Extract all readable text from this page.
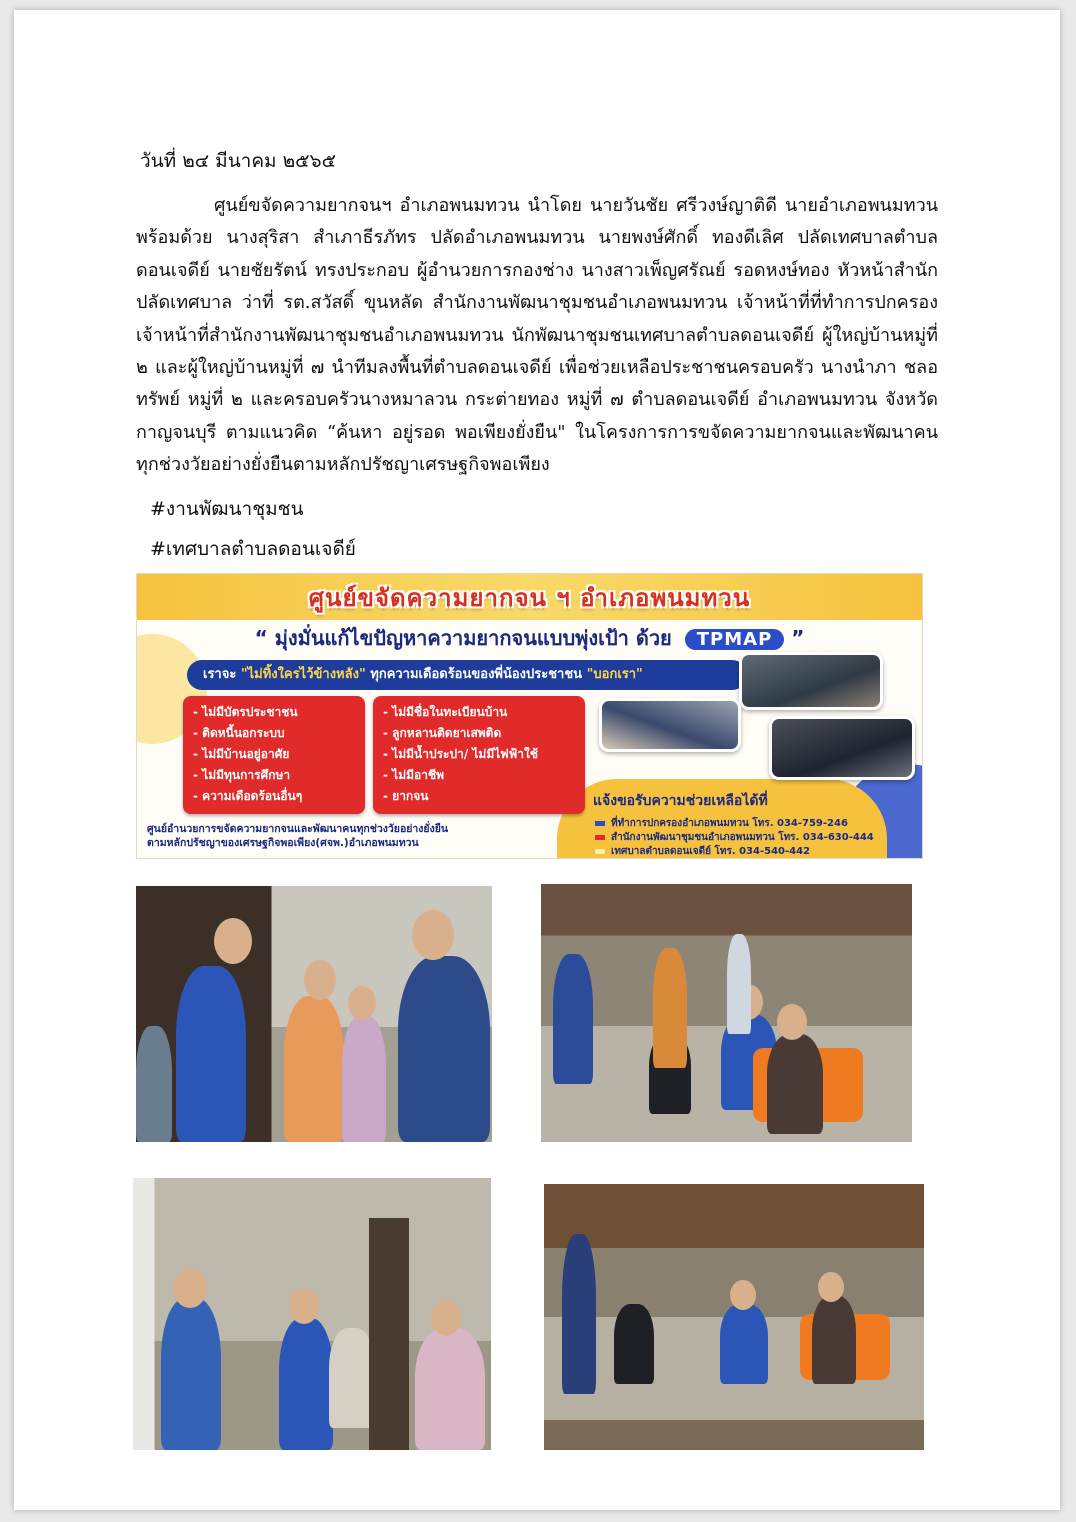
วันที่ ๒๔ มีนาคม ๒๕๖๕
ศูนย์ขจัดความยากจนฯ อำเภอพนมทวน นำโดย นายวันชัย ศรีวงษ์ญาติดี นายอำเภอพนมทวน พร้อมด้วย นางสุริสา สำเภาธีรภัทร ปลัดอำเภอพนมทวน นายพงษ์ศักดิ์ ทองดีเลิศ ปลัดเทศบาลตำบลดอนเจดีย์ นายชัยรัตน์ ทรงประกอบ ผู้อำนวยการกองช่าง นางสาวเพ็ญศรัณย์ รอดหงษ์ทอง หัวหน้าสำนักปลัดเทศบาล ว่าที่ รต.สวัสดิ์ ขุนหลัด สำนักงานพัฒนาชุมชนอำเภอพนมทวน เจ้าหน้าที่ที่ทำการปกครอง เจ้าหน้าที่สำนักงานพัฒนาชุมชนอำเภอพนมทวน นักพัฒนาชุมชนเทศบาลตำบลดอนเจดีย์ ผู้ใหญ่บ้านหมู่ที่ ๒ และผู้ใหญ่บ้านหมู่ที่ ๗ นำทีมลงพื้นที่ตำบลดอนเจดีย์ เพื่อช่วยเหลือประชาชนครอบครัว นางนำภา ชลอทรัพย์ หมู่ที่ ๒ และครอบครัวนางหมาลวน กระต่ายทอง หมู่ที่ ๗ ตำบลดอนเจดีย์ อำเภอพนมทวน จังหวัดกาญจนบุรี ตามแนวคิด “ค้นหา อยู่รอด พอเพียงยั่งยืน" ในโครงการการขจัดความยากจนและพัฒนาคนทุกช่วงวัยอย่างยั่งยืนตามหลักปรัชญาเศรษฐกิจพอเพียง
#งานพัฒนาชุมชน
#เทศบาลตำบลดอนเจดีย์
ศูนย์ขจัดความยากจน ฯ อำเภอพนมทวน
“ มุ่งมั่นแก้ไขปัญหาความยากจนแบบพุ่งเป้า ด้วย TPMAP ”
เราจะ "ไม่ทิ้งใครไว้ข้างหลัง" ทุกความเดือดร้อนของพี่น้องประชาชน "บอกเรา"
- ไม่มีบัตรประชาชน
- ติดหนี้นอกระบบ
- ไม่มีบ้านอยู่อาศัย
- ไม่มีทุนการศึกษา
- ความเดือดร้อนอื่นๆ
- ไม่มีชื่อในทะเบียนบ้าน
- ลูกหลานติดยาเสพติด
- ไม่มีน้ำประปา/ ไม่มีไฟฟ้าใช้
- ไม่มีอาชีพ
- ยากจน	แจ้งขอรับความช่วยเหลือได้ที่
ที่ทำการปกครองอำเภอพนมทวน โทร. 034-759-246
สำนักงานพัฒนาชุมชนอำเภอพนมทวน โทร. 034-630-444
เทศบาลตำบลดอนเจดีย์ โทร. 034-540-442
ศูนย์อำนวยการขจัดความยากจนและพัฒนาคนทุกช่วงวัยอย่างยั่งยืน
ตามหลักปรัชญาของเศรษฐกิจพอเพียง(ศจพ.)อำเภอพนมทวน
